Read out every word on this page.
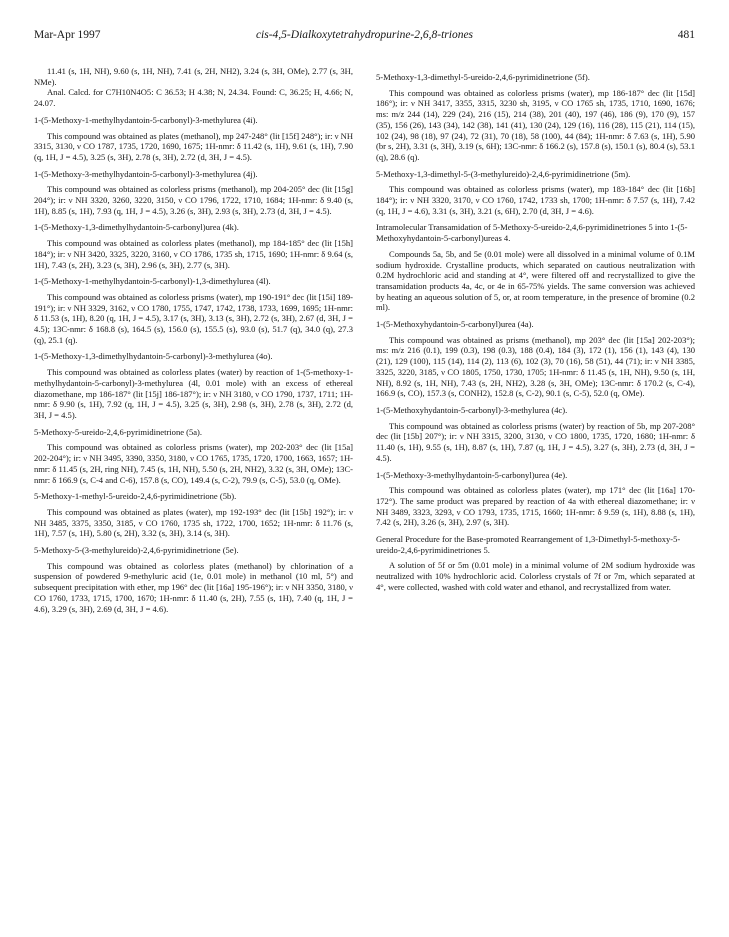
Mar-Apr 1997	cis-4,5-Dialkoxytetrahydropurine-2,6,8-triones	481

11.41 (s, 1H, NH), 9.60 (s, 1H, NH), 7.41 (s, 2H, NH2), 3.24 (s, 3H, OMe), 2.77 (s, 3H, NMe).

Anal. Calcd. for C7H10N4O5: C 36.53; H 4.38; N, 24.34. Found: C, 36.25; H, 4.66; N, 24.07.

1-(5-Methoxy-1-methylhydantoin-5-carbonyl)-3-methylurea (4i).

This compound was obtained as plates (methanol), mp 247-248° (lit [15f] 248°); ir: ν NH 3315, 3130, ν CO 1787, 1735, 1720, 1690, 1675; 1H-nmr: δ 11.42 (s, 1H), 9.61 (s, 1H), 7.90 (q, 1H, J = 4.5), 3.25 (s, 3H), 2.78 (s, 3H), 2.72 (d, 3H, J = 4.5).

1-(5-Methoxy-3-methylhydantoin-5-carbonyl)-3-methylurea (4j).

This compound was obtained as colorless prisms (methanol), mp 204-205° dec (lit [15g] 204°); ir: ν NH 3320, 3260, 3220, 3150, ν CO 1796, 1722, 1710, 1684; 1H-nmr: δ 9.40 (s, 1H), 8.85 (s, 1H), 7.93 (q, 1H, J = 4.5), 3.26 (s, 3H), 2.93 (s, 3H), 2.73 (d, 3H, J = 4.5).

1-(5-Methoxy-1,3-dimethylhydantoin-5-carbonyl)urea (4k).

This compound was obtained as colorless plates (methanol), mp 184-185° dec (lit [15h] 184°); ir: ν NH 3420, 3325, 3220, 3160, ν CO 1786, 1735 sh, 1715, 1690; 1H-nmr: δ 9.64 (s, 1H), 7.43 (s, 2H), 3.23 (s, 3H), 2.96 (s, 3H), 2.77 (s, 3H).

1-(5-Methoxy-1-methylhydantoin-5-carbonyl)-1,3-dimethylurea (4l).

This compound was obtained as colorless prisms (water), mp 190-191° dec (lit [15i] 189-191°); ir: ν NH 3329, 3162, ν CO 1780, 1755, 1747, 1742, 1738, 1733, 1699, 1695; 1H-nmr: δ 11.53 (s, 1H), 8.20 (q, 1H, J = 4.5), 3.17 (s, 3H), 3.13 (s, 3H), 2.72 (s, 3H), 2.67 (d, 3H, J = 4.5); 13C-nmr: δ 168.8 (s), 164.5 (s), 156.0 (s), 155.5 (s), 93.0 (s), 51.7 (q), 34.0 (q), 27.3 (q), 25.1 (q).

1-(5-Methoxy-1,3-dimethylhydantoin-5-carbonyl)-3-methylurea (4o).

This compound was obtained as colorless plates (water) by reaction of 1-(5-methoxy-1-methylhydantoin-5-carbonyl)-3-methylurea (4l, 0.01 mole) with an excess of ethereal diazomethane, mp 186-187° (lit [15j] 186-187°); ir: ν NH 3180, ν CO 1790, 1737, 1711; 1H-nmr: δ 9.90 (s, 1H), 7.92 (q, 1H, J = 4.5), 3.25 (s, 3H), 2.98 (s, 3H), 2.78 (s, 3H), 2.72 (d, 3H, J = 4.5).

5-Methoxy-5-ureido-2,4,6-pyrimidinetrione (5a).

This compound was obtained as colorless prisms (water), mp 202-203° dec (lit [15a] 202-204°); ir: ν NH 3495, 3390, 3350, 3180, ν CO 1765, 1735, 1720, 1700, 1663, 1657; 1H-nmr: δ 11.45 (s, 2H, ring NH), 7.45 (s, 1H, NH), 5.50 (s, 2H, NH2), 3.32 (s, 3H, OMe); 13C-nmr: δ 166.9 (s, C-4 and C-6), 157.8 (s, CO), 149.4 (s, C-2), 79.9 (s, C-5), 53.0 (q, OMe).

5-Methoxy-1-methyl-5-ureido-2,4,6-pyrimidinetrione (5b).

This compound was obtained as plates (water), mp 192-193° dec (lit [15b] 192°); ir: ν NH 3485, 3375, 3350, 3185, ν CO 1760, 1735 sh, 1722, 1700, 1652; 1H-nmr: δ 11.76 (s, 1H), 7.57 (s, 1H), 5.80 (s, 2H), 3.32 (s, 3H), 3.14 (s, 3H).

5-Methoxy-5-(3-methylureido)-2,4,6-pyrimidinetrione (5e).

This compound was obtained as colorless plates (methanol) by chlorination of a suspension of powdered 9-methyluric acid (1e, 0.01 mole) in methanol (10 ml, 5°) and subsequent precipitation with ether, mp 196° dec (lit [16a] 195-196°); ir: ν NH 3350, 3180, ν CO 1760, 1733, 1715, 1700, 1670; 1H-nmr: δ 11.40 (s, 2H), 7.55 (s, 1H), 7.40 (q, 1H, J = 4.6), 3.29 (s, 3H), 2.69 (d, 3H, J = 4.6).

5-Methoxy-1,3-dimethyl-5-ureido-2,4,6-pyrimidinetrione (5f).

This compound was obtained as colorless prisms (water), mp 186-187° dec (lit [15d] 186°); ir: ν NH 3417, 3355, 3315, 3230 sh, 3195, ν CO 1765 sh, 1735, 1710, 1690, 1676; ms: m/z 244 (14), 229 (24), 216 (15), 214 (38), 201 (40), 197 (46), 186 (9), 170 (9), 157 (35), 156 (26), 143 (34), 142 (38), 141 (41), 130 (24), 129 (16), 116 (28), 115 (21), 114 (15), 102 (24), 98 (18), 97 (24), 72 (31), 70 (18), 58 (100), 44 (84); 1H-nmr: δ 7.63 (s, 1H), 5.90 (br s, 2H), 3.31 (s, 3H), 3.19 (s, 6H); 13C-nmr: δ 166.2 (s), 157.8 (s), 150.1 (s), 80.4 (s), 53.1 (q), 28.6 (q).

5-Methoxy-1,3-dimethyl-5-(3-methylureido)-2,4,6-pyrimidinetrione (5m).

This compound was obtained as colorless prisms (water), mp 183-184° dec (lit [16b] 184°); ir: ν NH 3320, 3170, ν CO 1760, 1742, 1733 sh, 1700; 1H-nmr: δ 7.57 (s, 1H), 7.42 (q, 1H, J = 4.6), 3.31 (s, 3H), 3.21 (s, 6H), 2.70 (d, 3H, J = 4.6).

Intramolecular Transamidation of 5-Methoxy-5-ureido-2,4,6-pyrimidinetriones 5 into 1-(5-Methoxyhydantoin-5-carbonyl)ureas 4.

Compounds 5a, 5b, and 5e (0.01 mole) were all dissolved in a minimal volume of 0.1M sodium hydroxide. Crystalline products, which separated on cautious neutralization with 0.2M hydrochloric acid and standing at 4°, were filtered off and recrystallized to give the transamidation products 4a, 4c, or 4e in 65-75% yields. The same conversion was achieved by heating an aqueous solution of 5, or, at room temperature, in the presence of bromine (0.2 ml).

1-(5-Methoxyhydantoin-5-carbonyl)urea (4a).

This compound was obtained as prisms (methanol), mp 203° dec (lit [15a] 202-203°); ms: m/z 216 (0.1), 199 (0.3), 198 (0.3), 188 (0.4), 184 (3), 172 (1), 156 (1), 143 (4), 130 (21), 129 (100), 115 (14), 114 (2), 113 (6), 102 (3), 70 (16), 58 (51), 44 (71); ir: ν NH 3385, 3325, 3220, 3185, ν CO 1805, 1750, 1730, 1705; 1H-nmr: δ 11.45 (s, 1H, NH), 9.50 (s, 1H, NH), 8.92 (s, 1H, NH), 7.43 (s, 2H, NH2), 3.28 (s, 3H, OMe); 13C-nmr: δ 170.2 (s, C-4), 166.9 (s, CO), 157.3 (s, CONH2), 152.8 (s, C-2), 90.1 (s, C-5), 52.0 (q, OMe).

1-(5-Methoxyhydantoin-5-carbonyl)-3-methylurea (4c).

This compound was obtained as colorless prisms (water) by reaction of 5b, mp 207-208° dec (lit [15b] 207°); ir: ν NH 3315, 3200, 3130, ν CO 1800, 1735, 1720, 1680; 1H-nmr: δ 11.40 (s, 1H), 9.55 (s, 1H), 8.87 (s, 1H), 7.87 (q, 1H, J = 4.5), 3.27 (s, 3H), 2.73 (d, 3H, J = 4.5).

1-(5-Methoxy-3-methylhydantoin-5-carbonyl)urea (4e).

This compound was obtained as colorless plates (water), mp 171° dec (lit [16a] 170-172°). The same product was prepared by reaction of 4a with ethereal diazomethane; ir: ν NH 3489, 3323, 3293, ν CO 1793, 1735, 1715, 1660; 1H-nmr: δ 9.59 (s, 1H), 8.88 (s, 1H), 7.42 (s, 2H), 3.26 (s, 3H), 2.97 (s, 3H).

General Procedure for the Base-promoted Rearrangement of 1,3-Dimethyl-5-methoxy-5-ureido-2,4,6-pyrimidinetriones 5.

A solution of 5f or 5m (0.01 mole) in a minimal volume of 2M sodium hydroxide was neutralized with 10% hydrochloric acid. Colorless crystals of 7f or 7m, which separated at 4°, were collected, washed with cold water and ethanol, and recrystallized from water.
